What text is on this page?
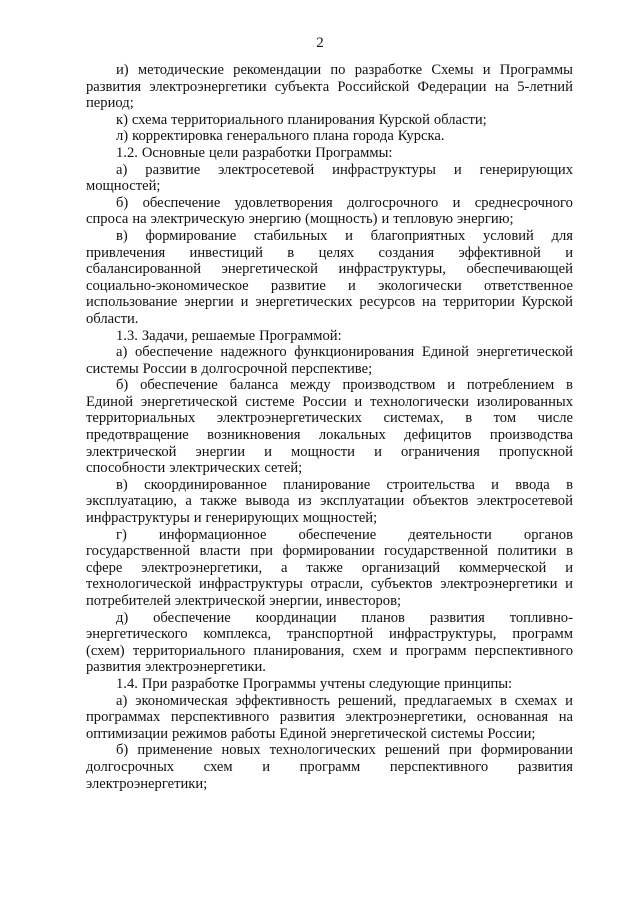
2
и) методические рекомендации по разработке Схемы и Программы
развития электроэнергетики субъекта Российской Федерации на 5-летний
период;
к) схема территориального планирования Курской области;
л) корректировка генерального плана города Курска.
1.2. Основные цели разработки Программы:
а) развитие электросетевой инфраструктуры и генерирующих
мощностей;
б) обеспечение удовлетворения долгосрочного и среднесрочного
спроса на электрическую энергию (мощность) и тепловую энергию;
в) формирование стабильных и благоприятных условий для
привлечения инвестиций в целях создания эффективной и
сбалансированной энергетической инфраструктуры, обеспечивающей
социально-экономическое развитие и экологически ответственное
использование энергии и энергетических ресурсов на территории Курской
области.
1.3. Задачи, решаемые Программой:
а) обеспечение надежного функционирования Единой энергетической
системы России в долгосрочной перспективе;
б) обеспечение баланса между производством и потреблением в
Единой энергетической системе России и технологически изолированных
территориальных электроэнергетических системах, в том числе
предотвращение возникновения локальных дефицитов производства
электрической энергии и мощности и ограничения пропускной
способности электрических сетей;
в) скоординированное планирование строительства и ввода в
эксплуатацию, а также вывода из эксплуатации объектов электросетевой
инфраструктуры и генерирующих мощностей;
г) информационное обеспечение деятельности органов
государственной власти при формировании государственной политики в
сфере электроэнергетики, а также организаций коммерческой и
технологической инфраструктуры отрасли, субъектов электроэнергетики и
потребителей электрической энергии, инвесторов;
д) обеспечение координации планов развития топливно-
энергетического комплекса, транспортной инфраструктуры, программ
(схем) территориального планирования, схем и программ перспективного
развития электроэнергетики.
1.4. При разработке Программы учтены следующие принципы:
а) экономическая эффективность решений, предлагаемых в схемах и
программах перспективного развития электроэнергетики, основанная на
оптимизации режимов работы Единой энергетической системы России;
б) применение новых технологических решений при формировании
долгосрочных схем и программ перспективного развития
электроэнергетики;
